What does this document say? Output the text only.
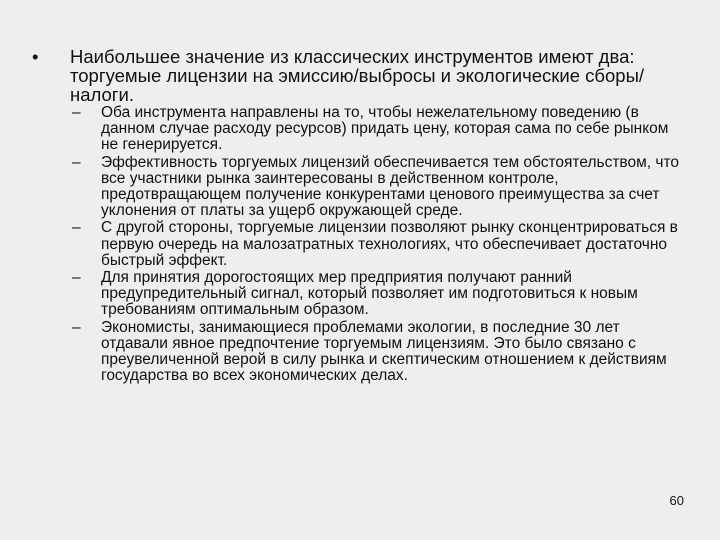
•	Наибольшее значение из классических инструментов имеют два: торгуемые лицензии на эмиссию/выбросы и экологические сборы/налоги.
–	Оба инструмента направлены на то, чтобы нежелательному поведению (в данном случае расходу ресурсов) придать цену, которая сама по себе рынком не генерируется.
–	Эффективность торгуемых лицензий обеспечивается тем обстоятельством, что все участники рынка заинтересованы в действенном контроле, предотвращающем получение конкурентами ценового преимущества за счет уклонения от платы за ущерб окружающей среде.
–	С другой стороны, торгуемые лицензии позволяют рынку сконцентрироваться в первую очередь на малозатратных технологиях, что обеспечивает достаточно быстрый эффект.
–	Для принятия дорогостоящих мер предприятия получают ранний предупредительный сигнал, который позволяет им подготовиться к новым требованиям оптимальным образом.
–	Экономисты, занимающиеся проблемами экологии, в последние 30 лет отдавали явное предпочтение торгуемым лицензиям. Это было связано с преувеличенной верой в силу рынка и скептическим отношением к действиям государства во всех экономических делах.
60
